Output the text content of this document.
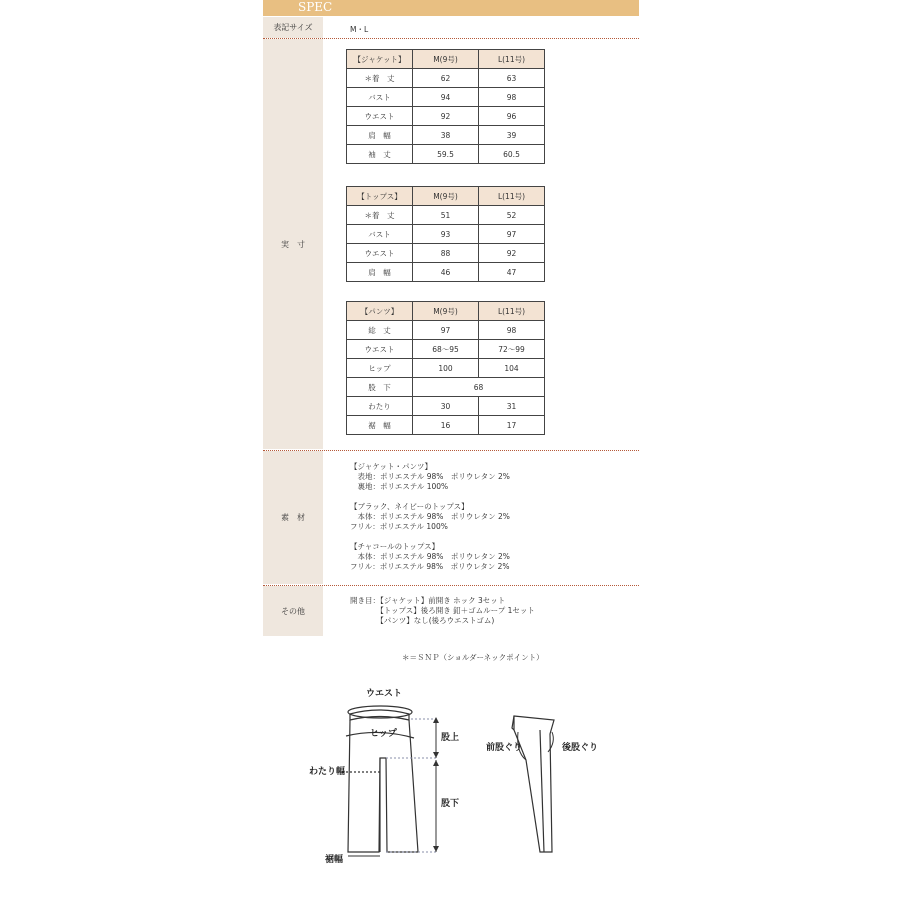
SPEC
表記サイズ	M・L
実　寸
【ジャケット】	M(9号)	L(11号)
＊着　丈	62	63
バスト	94	98
ウエスト	92	96
肩　幅	38	39
袖　丈	59.5	60.5
【トップス】	M(9号)	L(11号)
＊着　丈	51	52
バスト	93	97
ウエスト	88	92
肩　幅	46	47
【パンツ】	M(9号)	L(11号)
総　丈	97	98
ウエスト	68～95	72～99
ヒップ	100	104
股　下	68	
わたり	30	31
裾　幅	16	17
素　材
【ジャケット・パンツ】
　表地：ポリエステル 98%　ポリウレタン 2%
　裏地：ポリエステル 100%

【ブラック、ネイビーのトップス】
　本体：ポリエステル 98%　ポリウレタン 2%
フリル：ポリエステル 100%

【チャコールのトップス】
　本体：ポリエステル 98%　ポリウレタン 2%
フリル：ポリエステル 98%　ポリウレタン 2%
その他
開き目：【ジャケット】前開き ホック 3セット
　　　　【トップス】後ろ開き 釦＋ゴムループ 1セット
　　　　【パンツ】なし(後ろウエストゴム)
＊＝ＳＮＰ（ショルダーネックポイント）
ウエスト
ヒップ	股上
わたり幅
股下
裾幅
前股ぐり	後股ぐり
